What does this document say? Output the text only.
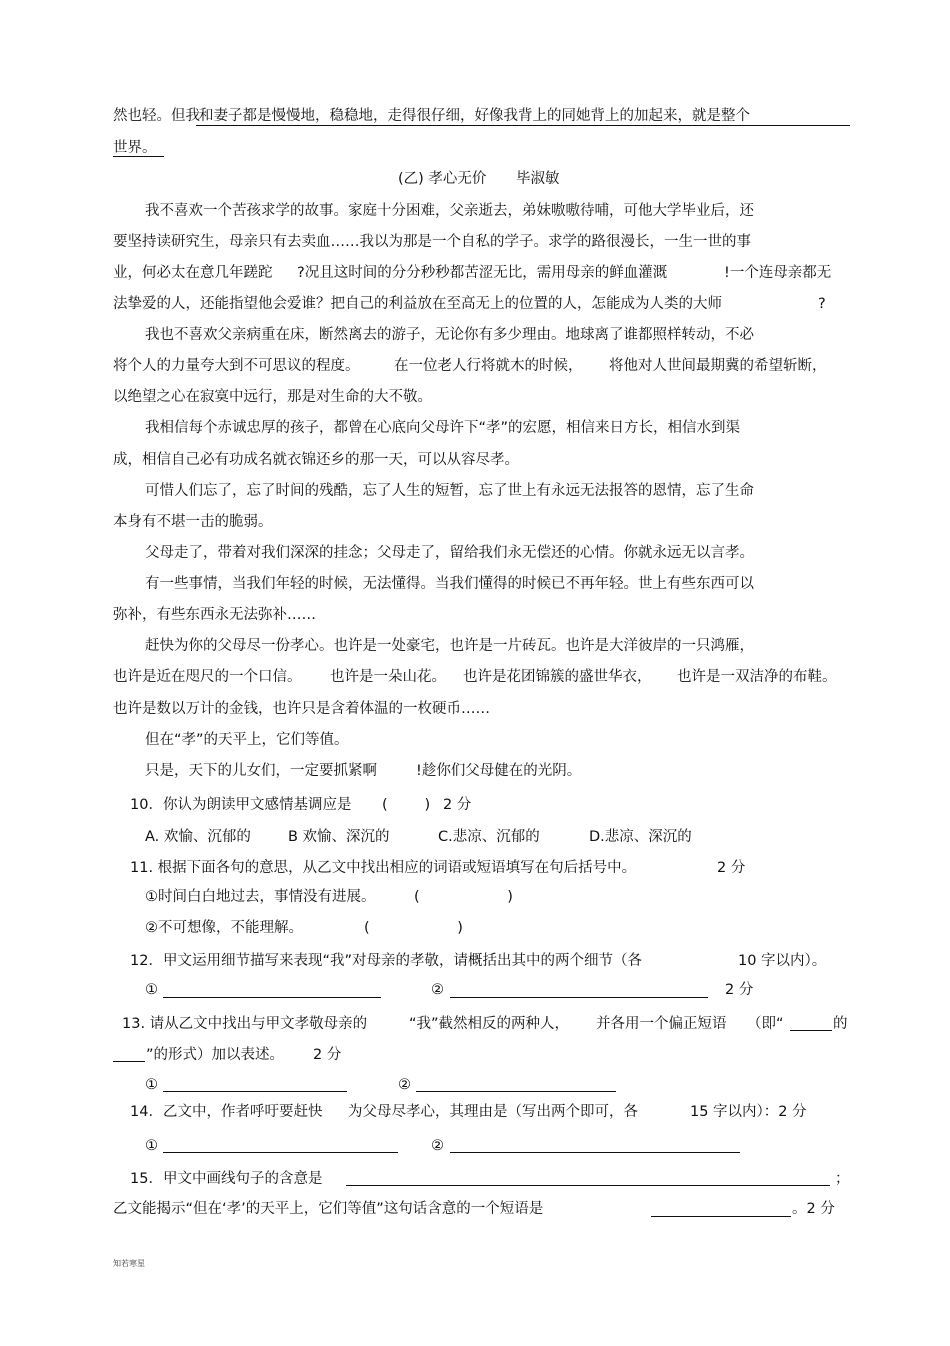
然也轻。但我 和妻子都是慢慢地，稳稳地，走得很仔细，好像我背上的同她背上的加起来，就是整个
世界。
(乙) 孝心无价 毕淑敏
我不喜欢一个苦孩求学的故事。家庭十分困难，父亲逝去，弟妹嗷嗷待哺，可他大学毕业后，还
要坚持读研究生，母亲只有去卖血……我以为那是一个自私的学子。求学的路很漫长，一生一世的事
业，何必太在意几年蹉跎 ?况且这时间的分分秒秒都苦涩无比，需用母亲的鲜血灌溉	!一个连母亲都无
法挚爱的人，还能指望他会爱谁？把自己的利益放在至高无上的位置的人，怎能成为人类的大师	?
我也不喜欢父亲病重在床，断然离去的游子，无论你有多少理由。地球离了谁都照样转动，不必
将个人的力量夸大到不可思议的程度。 在一位老人行将就木的时候， 将他对人世间最期冀的希望斩断，
以绝望之心在寂寞中远行，那是对生命的大不敬。
我相信每个赤诚忠厚的孩子，都曾在心底向父母许下“孝”的宏愿，相信来日方长，相信水到渠
成，相信自己必有功成名就衣锦还乡的那一天，可以从容尽孝。
可惜人们忘了，忘了时间的残酷，忘了人生的短暂，忘了世上有永远无法报答的恩情，忘了生命
本身有不堪一击的脆弱。
父母走了，带着对我们深深的挂念；父母走了，留给我们永无偿还的心情。你就永远无以言孝。
有一些事情，当我们年轻的时候，无法懂得。当我们懂得的时候已不再年轻。世上有些东西可以
弥补，有些东西永无法弥补……
赶快为你的父母尽一份孝心。也许是一处豪宅，也许是一片砖瓦。也许是大洋彼岸的一只鸿雁，
也许是近在咫尺的一个口信。 也许是一朵山花。 也许是花团锦簇的盛世华衣， 也许是一双洁净的布鞋。
也许是数以万计的金钱，也许只是含着体温的一枚硬币……
但在“孝”的天平上，它们等值。
只是，天下的儿女们，一定要抓紧啊	!趁你们父母健在的光阴。
10．你认为朗读甲文感情基调应是 (        ) 2 分
A. 欢愉、沉郁的	B 欢愉、深沉的	C.悲凉、沉郁的	D.悲凉、深沉的
11. 根据下面各句的意思，从乙文中找出相应的词语或短语填写在句后括号中。	2 分
①时间白白地过去，事情没有进展。	(                   )
②不可想像，不能理解。	(                   )
12．甲文运用细节描写来表现“我”对母亲的孝敬，请概括出其中的两个细节（各	10 字以内）。
①	②	2 分
13. 请从乙文中找出与甲文孝敬母亲的	“我”截然相反的两种人， 并各用一个偏正短语 （即“	的
”的形式）加以表述。 2 分
①	②
14．乙文中，作者呼吁要赶快 为父母尽孝心，其理由是（写出两个即可，各	15 字以内）：2 分
①	②
15．甲文中画线句子的含意是	；
乙文能揭示“但在‘孝’的天平上，它们等值”这句话含意的一个短语是	。2 分
知若寒星
